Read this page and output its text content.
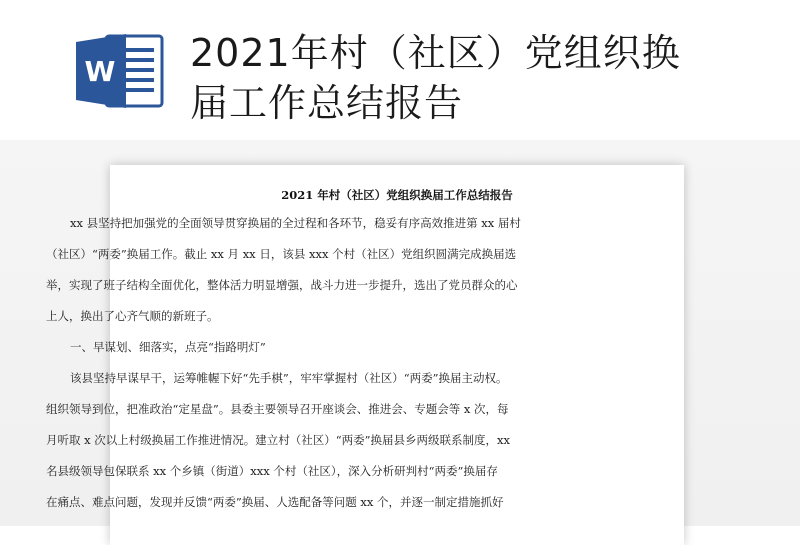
W 2021年村（社区）党组织换
届工作总结报告
2021 年村（社区）党组织换届工作总结报告
xx 县坚持把加强党的全面领导贯穿换届的全过程和各环节，稳妥有序高效推进第 xx 届村
（社区）“两委”换届工作。截止 xx 月 xx 日，该县 xxx 个村（社区）党组织圆满完成换届选
举，实现了班子结构全面优化，整体活力明显增强，战斗力进一步提升，选出了党员群众的心
上人，换出了心齐气顺的新班子。
一、早谋划、细落实，点亮“指路明灯”
该县坚持早谋早干，运筹帷幄下好“先手棋”，牢牢掌握村（社区）“两委”换届主动权。
组织领导到位，把准政治“定星盘”。县委主要领导召开座谈会、推进会、专题会等 x 次，每
月听取 x 次以上村级换届工作推进情况。建立村（社区）“两委”换届县乡两级联系制度，xx
名县级领导包保联系 xx 个乡镇（街道）xxx 个村（社区），深入分析研判村“两委”换届存
在痛点、难点问题，发现并反馈“两委”换届、人选配备等问题 xx 个，并逐一制定措施抓好
